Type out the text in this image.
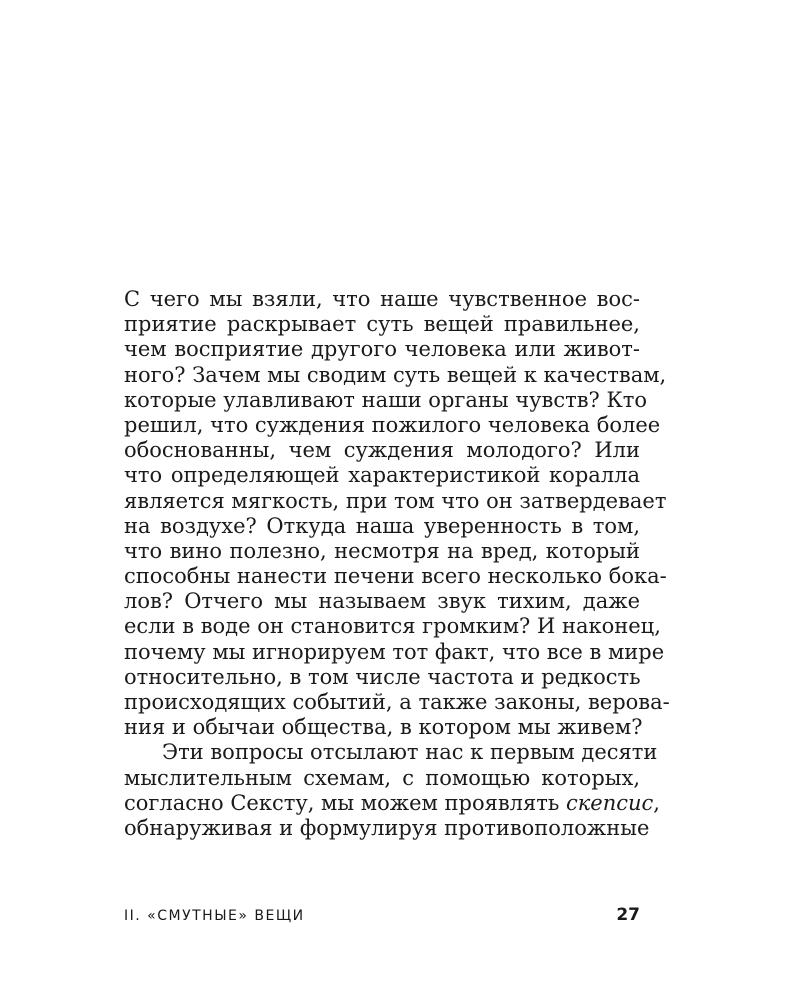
С чего мы взяли, что наше чувственное вос-
приятие раскрывает суть вещей правильнее,
чем восприятие другого человека или живот-
ного? Зачем мы сводим суть вещей к качествам,
которые улавливают наши органы чувств? Кто
решил, что суждения пожилого человека более
обоснованны, чем суждения молодого? Или
что определяющей характеристикой коралла
является мягкость, при том что он затвердевает
на воздухе? Откуда наша уверенность в том,
что вино полезно, несмотря на вред, который
способны нанести печени всего несколько бока-
лов? Отчего мы называем звук тихим, даже
если в воде он становится громким? И наконец,
почему мы игнорируем тот факт, что все в мире
относительно, в том числе частота и редкость
происходящих событий, а также законы, верова-
ния и обычаи общества, в котором мы живем?
Эти вопросы отсылают нас к первым десяти
мыслительным схемам, с помощью которых,
согласно Сексту, мы можем проявлять скепсис,
обнаруживая и формулируя противоположные
II. «СМУТНЫЕ» ВЕЩИ	27
